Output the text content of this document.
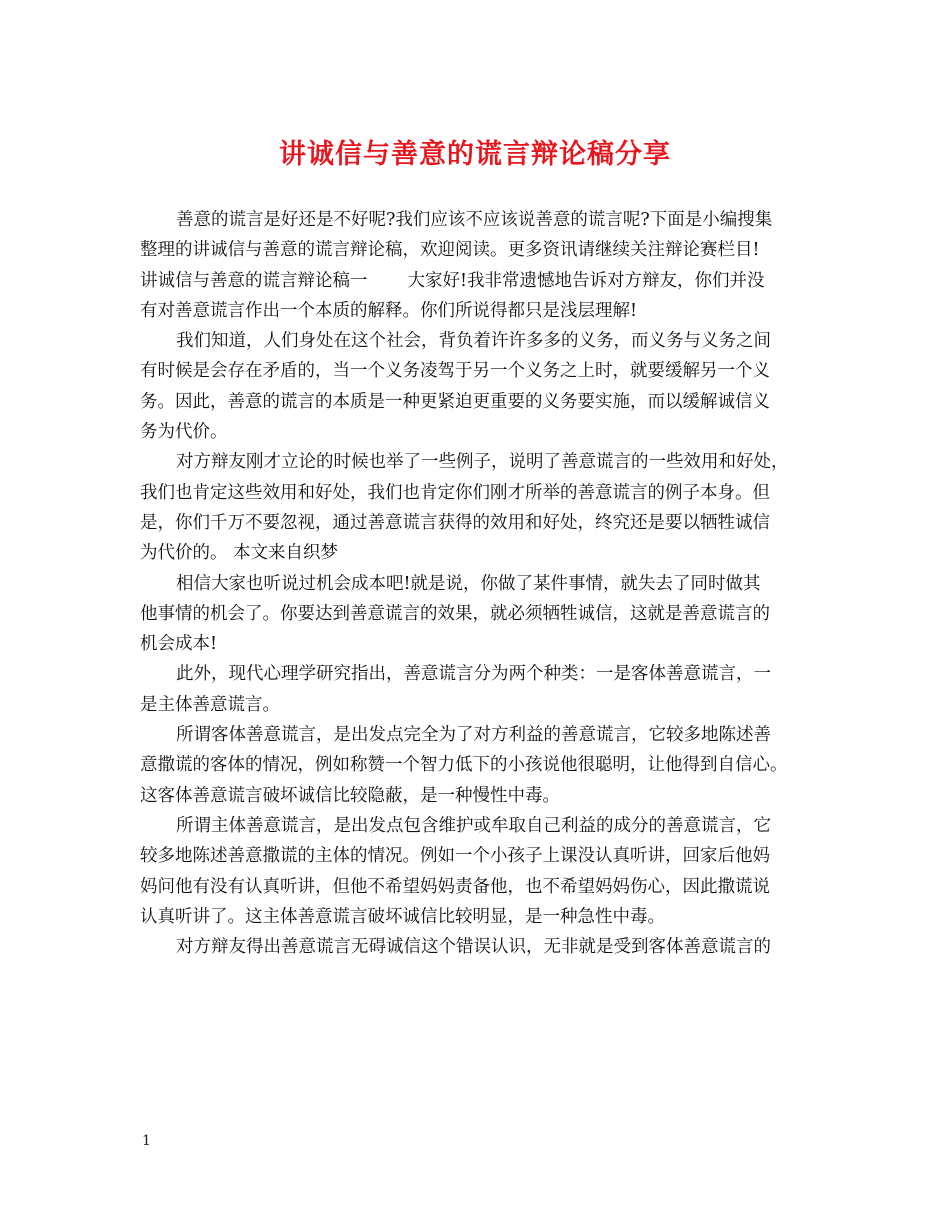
讲诚信与善意的谎言辩论稿分享
善意的谎言是好还是不好呢?我们应该不应该说善意的谎言呢?下面是小编搜集
整理的讲诚信与善意的谎言辩论稿，欢迎阅读。更多资讯请继续关注辩论赛栏目!
讲诚信与善意的谎言辩论稿一 大家好!我非常遗憾地告诉对方辩友，你们并没
有对善意谎言作出一个本质的解释。你们所说得都只是浅层理解!
我们知道，人们身处在这个社会，背负着许许多多的义务，而义务与义务之间
有时候是会存在矛盾的，当一个义务凌驾于另一个义务之上时，就要缓解另一个义
务。因此，善意的谎言的本质是一种更紧迫更重要的义务要实施，而以缓解诚信义
务为代价。
对方辩友刚才立论的时候也举了一些例子，说明了善意谎言的一些效用和好处，
我们也肯定这些效用和好处，我们也肯定你们刚才所举的善意谎言的例子本身。但
是，你们千万不要忽视，通过善意谎言获得的效用和好处，终究还是要以牺牲诚信
为代价的。 本文来自织梦
相信大家也听说过机会成本吧!就是说，你做了某件事情，就失去了同时做其
他事情的机会了。你要达到善意谎言的效果，就必须牺牲诚信，这就是善意谎言的
机会成本!
此外，现代心理学研究指出，善意谎言分为两个种类：一是客体善意谎言，一
是主体善意谎言。
所谓客体善意谎言，是出发点完全为了对方利益的善意谎言，它较多地陈述善
意撒谎的客体的情况，例如称赞一个智力低下的小孩说他很聪明，让他得到自信心。
这客体善意谎言破坏诚信比较隐蔽，是一种慢性中毒。
所谓主体善意谎言，是出发点包含维护或牟取自己利益的成分的善意谎言，它
较多地陈述善意撒谎的主体的情况。例如一个小孩子上课没认真听讲，回家后他妈
妈问他有没有认真听讲，但他不希望妈妈责备他，也不希望妈妈伤心，因此撒谎说
认真听讲了。这主体善意谎言破坏诚信比较明显，是一种急性中毒。
对方辩友得出善意谎言无碍诚信这个错误认识，无非就是受到客体善意谎言的
1
